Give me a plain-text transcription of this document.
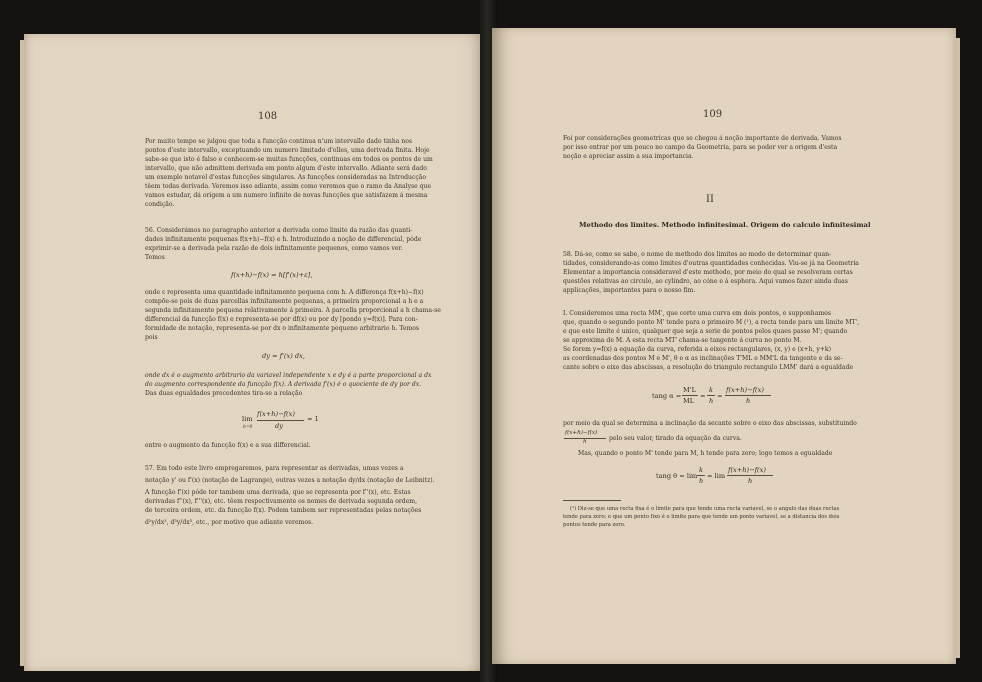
108
Por muito tempo se julgou que toda a funcção continua n'um intervallo dado tinha nos
pontos d'este intervallo, exceptuando um numero limitado d'elles, uma derivada finita. Hoje
sabe-se que isto é falso e conhecem-se muitas funcções, continuas em todos os pontos de um
intervallo, que não admittem derivada em ponto algum d'este intervallo. Adiante será dado
um exemplo notavel d'estas funcções singulares. As funcções consideradas na Introducção
têem todas derivada. Veremos isso adiante, assim como veremos que o ramo da Analyse que
vamos estudar, dá origem a um numero infinito de novas funcções que satisfazem á mesma
condição.
56. Considerámos no paragrapho anterior a derivada como limite da razão das quanti-
dades infinitamente pequenas f(x+h)−f(x) e h. Introduzindo a noção de differencial, póde
exprimir-se a derivada pela razão de dois infinitamente pequenos, como vamos ver.
Temos
f(x+h)−f(x) = h[f'(x)+ε],
onde ε representa uma quantidade infinitamente pequena com h. A differença f(x+h)−f(x)
compõe-se pois de duas parcellas infinitamente pequenas, a primeira proporcional a h e a
segunda infinitamente pequena relativamente á primeira. A parcella proporcional a h chama-se
differencial da funcção f(x) e representa-se por df(x) ou por dy [pondo y=f(x)]. Para con-
formidade de notação, representa-se por dx o infinitamente pequeno arbitrario h. Temos
pois
dy = f'(x) dx,
onde dx é o augmento arbitrario da variavel independente x e dy é a parte proporcional a dx
do augmento correspondente da funcção f(x). A derivada f'(x) é o quociente de dy por dx.
Das duas egualdades precedentes tira-se a relação
lim
h=0
f(x+h)−f(x)
dy
= 1
entre o augmento da funcção f(x) e a sua differencial.
57. Em todo este livro empregaremos, para representar as derivadas, umas vezes a
notação y' ou f'(x) (notação de Lagrange), outras vezes a notação dy/dx (notação de Leibnitz).
A funcção f'(x) póde ter tambem uma derivada, que se representa por f''(x), etc. Estas
derivadas f''(x), f'''(x), etc. têem respectivamente os nomes de derivada segunda ordem,
de terceira ordem, etc. da funcção f(x). Podem tambem ser representadas pelas notações
d²y/dx², d³y/dx³, etc., por motivo que adiante veremos.
109
Foi por considerações geometricas que se chegou á noção importante de derivada. Vamos
por isso entrar por um pouco no campo da Geometria, para se poder ver a origem d'esta
noção e apreciar assim a sua importancia.
II
Methodo dos limites. Methodo infinitesimal. Origem do calculo infinitesimal
58. Dá-se, como se sabe, o nome de methodo dos limites ao modo de determinar quan-
tidades, considerando-as como limites d'outras quantidades conhecidas. Viu-se já na Geometria
Elementar a importancia consideravel d'este methodo, por meio do qual se resolveram certas
questões relativas ao circulo, ao cylindro, ao cóne e á esphera. Aqui vamos fazer ainda duas
applicações, importantes para o nosso fim.
I. Consideremos uma recta MM', que corte uma curva em dois pontos, e supponhamos
que, quando o segundo ponto M' tende para o primeiro M (¹), a recta tende para um limite MT',
e que este limite é unico, qualquer que seja a serie de pontos pelos quaes passe M'; quando
se approxima de M. A esta recta MT' chama-se tangente á curva no ponto M.
Se forem y=f(x) a equação da curva, referida a eixos rectangulares, (x, y) e (x+h, y+k)
as coordenadas dos pontos M e M', θ e α as inclinações T'ML e MM'L da tangente e da se-
cante sobre o eixo das abscissas, a resolução do triangulo rectangulo LMM' dará a egualdade
tang α =
M'L
ML
=
k
h
=
f(x+h)−f(x)
h
por meio da qual se determina a inclinação da secante sobre o eixo das abscissas, substituindo
f(x+h)−f(x)
h	pelo seu valor, tirado da equação da curva.
Mas, quando o ponto M' tende para M, h tende para zero; logo temos a egualdade
tang θ = lim
k
h
= lim
f(x+h)−f(x)
h
(¹) Diz-se que uma recta fixa é o limite para que tende uma recta variavel, se o angulo das duas rectas
tende para zero; e que um ponto fixo é o limite para que tende um ponto variavel, se a distancia dos dois
pontos tende para zero.
